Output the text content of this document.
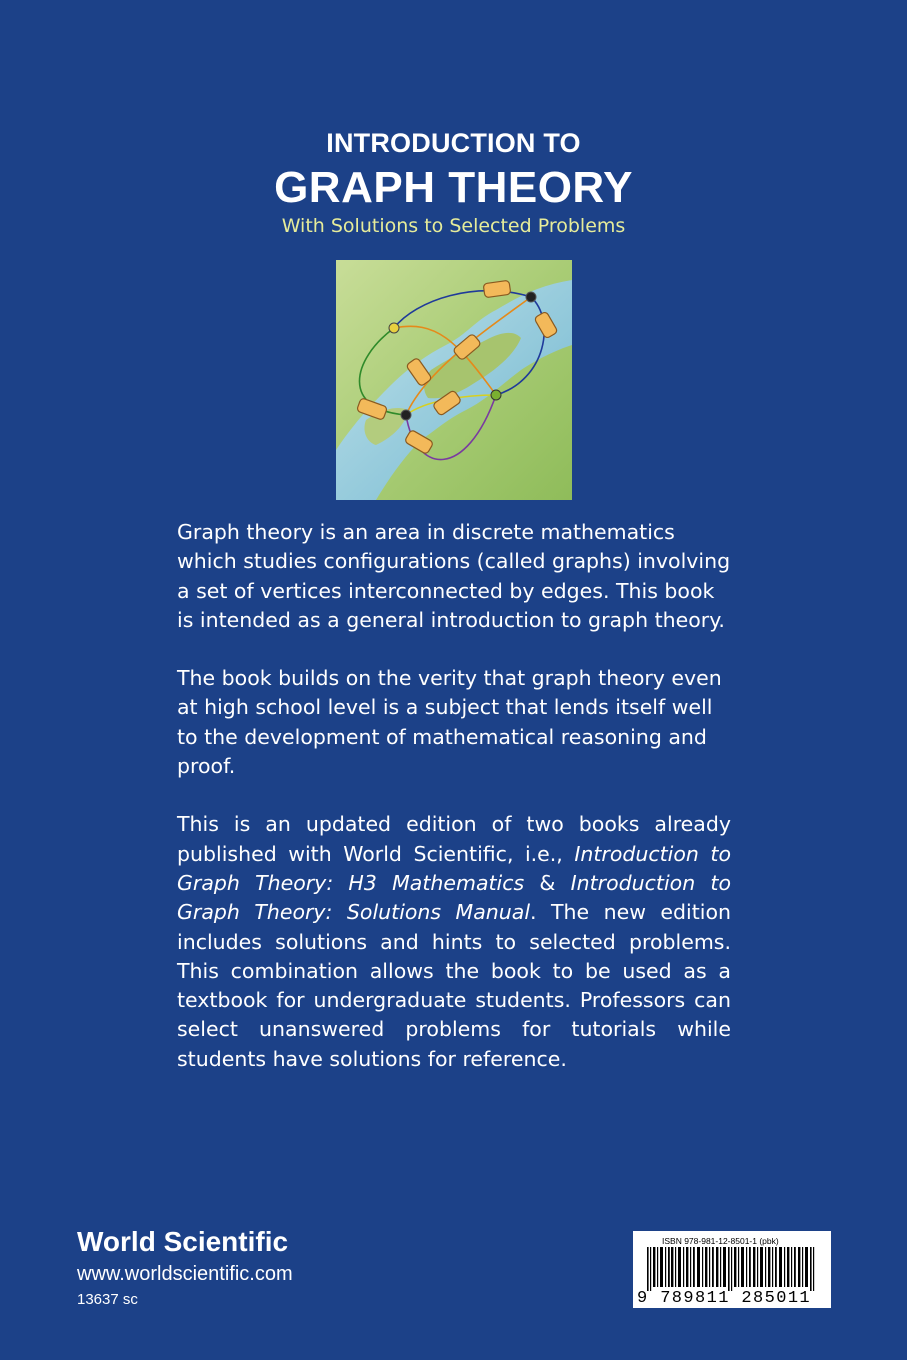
INTRODUCTION TO
GRAPH THEORY
With Solutions to Selected Problems

Graph theory is an area in discrete mathematics which studies configurations (called graphs) involving a set of vertices interconnected by edges. This book is intended as a general introduction to graph theory.

The book builds on the verity that graph theory even at high school level is a subject that lends itself well to the development of mathematical reasoning and proof.

This is an updated edition of two books already published with World Scientific, i.e., Introduction to Graph Theory: H3 Mathematics & Introduction to Graph Theory: Solutions Manual. The new edition includes solutions and hints to selected problems. This combination allows the book to be used as a textbook for undergraduate students. Professors can select unanswered problems for tutorials while students have solutions for reference.

World Scientific
www.worldscientific.com
13637 sc
ISBN 978-981-12-8501-1 (pbk)
9 789811 285011
